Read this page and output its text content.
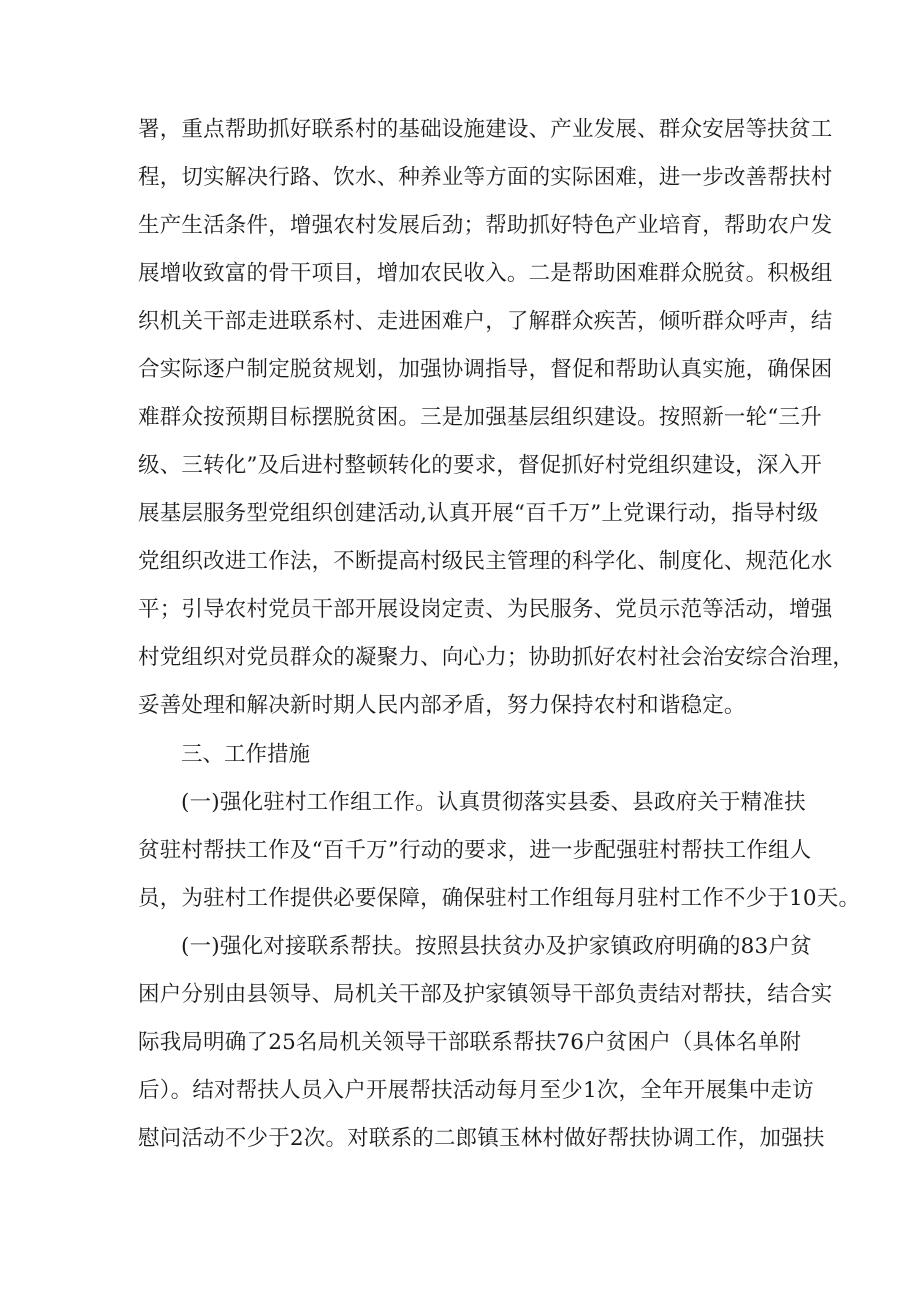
署，重点帮助抓好联系村的基础设施建设、产业发展、群众安居等扶贫工
程，切实解决行路、饮水、种养业等方面的实际困难，进一步改善帮扶村
生产生活条件，增强农村发展后劲；帮助抓好特色产业培育，帮助农户发
展增收致富的骨干项目，增加农民收入。二是帮助困难群众脱贫。积极组
织机关干部走进联系村、走进困难户，了解群众疾苦，倾听群众呼声，结
合实际逐户制定脱贫规划，加强协调指导，督促和帮助认真实施，确保困
难群众按预期目标摆脱贫困。三是加强基层组织建设。按照新一轮“三升
级、三转化”及后进村整顿转化的要求，督促抓好村党组织建设，深入开
展基层服务型党组织创建活动,认真开展“百千万”上党课行动，指导村级
党组织改进工作法，不断提高村级民主管理的科学化、制度化、规范化水
平；引导农村党员干部开展设岗定责、为民服务、党员示范等活动，增强
村党组织对党员群众的凝聚力、向心力；协助抓好农村社会治安综合治理，
妥善处理和解决新时期人民内部矛盾，努力保持农村和谐稳定。
三、工作措施
(一)强化驻村工作组工作。认真贯彻落实县委、县政府关于精准扶
贫驻村帮扶工作及“百千万”行动的要求，进一步配强驻村帮扶工作组人
员，为驻村工作提供必要保障，确保驻村工作组每月驻村工作不少于10天。
(一)强化对接联系帮扶。按照县扶贫办及护家镇政府明确的83户贫
困户分别由县领导、局机关干部及护家镇领导干部负责结对帮扶，结合实
际我局明确了25名局机关领导干部联系帮扶76户贫困户（具体名单附
后）。结对帮扶人员入户开展帮扶活动每月至少1次，全年开展集中走访
慰问活动不少于2次。对联系的二郎镇玉林村做好帮扶协调工作，加强扶
